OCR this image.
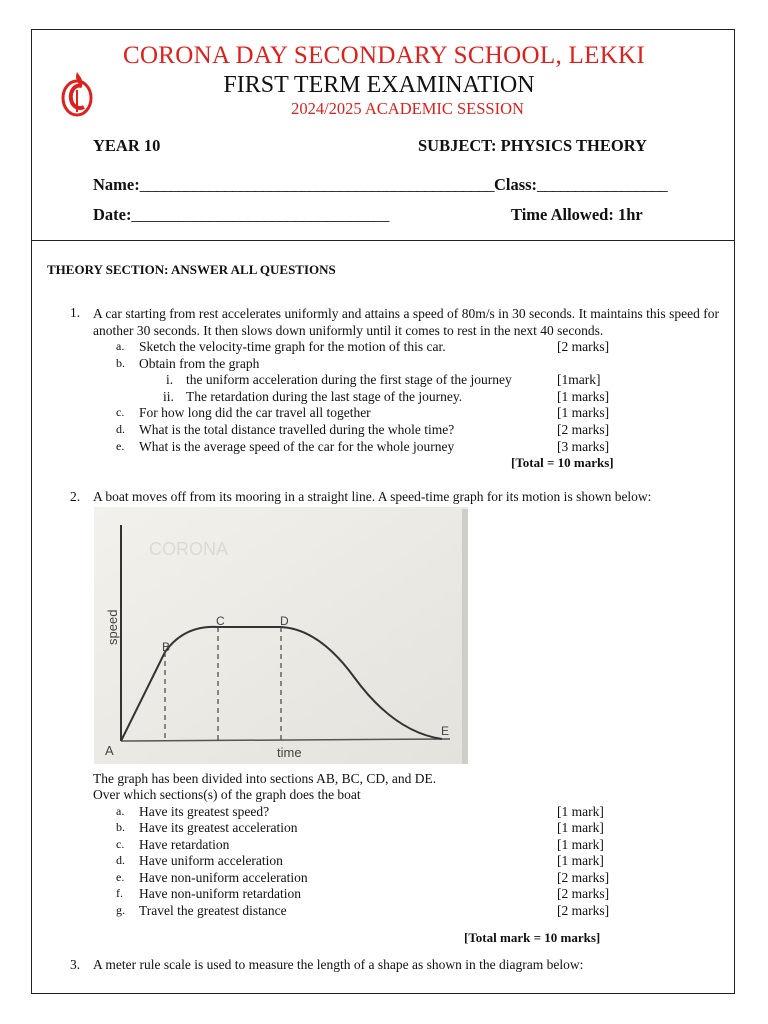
CORONA DAY SECONDARY SCHOOL, LEKKI
FIRST TERM EXAMINATION
2024/2025 ACADEMIC SESSION
YEAR 10	SUBJECT: PHYSICS THEORY
Name:______________________________________________Class:_________________
Date:_________________________________	Time Allowed: 1hr
THEORY SECTION: ANSWER ALL QUESTIONS
1. A car starting from rest accelerates uniformly and attains a speed of 80m/s in 30 seconds. It maintains this speed for another 30 seconds. It then slows down uniformly until it comes to rest in the next 40 seconds.
a. Sketch the velocity-time graph for the motion of this car.	[2 marks]
b. Obtain from the graph
i. the uniform acceleration during the first stage of the journey	[1mark]
ii. The retardation during the last stage of the journey.	[1 marks]
c. For how long did the car travel all together	[1 marks]
d. What is the total distance travelled during the whole time?	[2 marks]
e. What is the average speed of the car for the whole journey	[3 marks]
[Total = 10 marks]
2. A boat moves off from its mooring in a straight line. A speed-time graph for its motion is shown below:
CORONA
speed
time
A
B
C	D
E
The graph has been divided into sections AB, BC, CD, and DE.
Over which sections(s) of the graph does the boat
a. Have its greatest speed?	[1 mark]
b. Have its greatest acceleration	[1 mark]
c. Have retardation	[1 mark]
d. Have uniform acceleration	[1 mark]
e. Have non-uniform acceleration	[2 marks]
f. Have non-uniform retardation	[2 marks]
g. Travel the greatest distance	[2 marks]
[Total mark = 10 marks]
3. A meter rule scale is used to measure the length of a shape as shown in the diagram below:
